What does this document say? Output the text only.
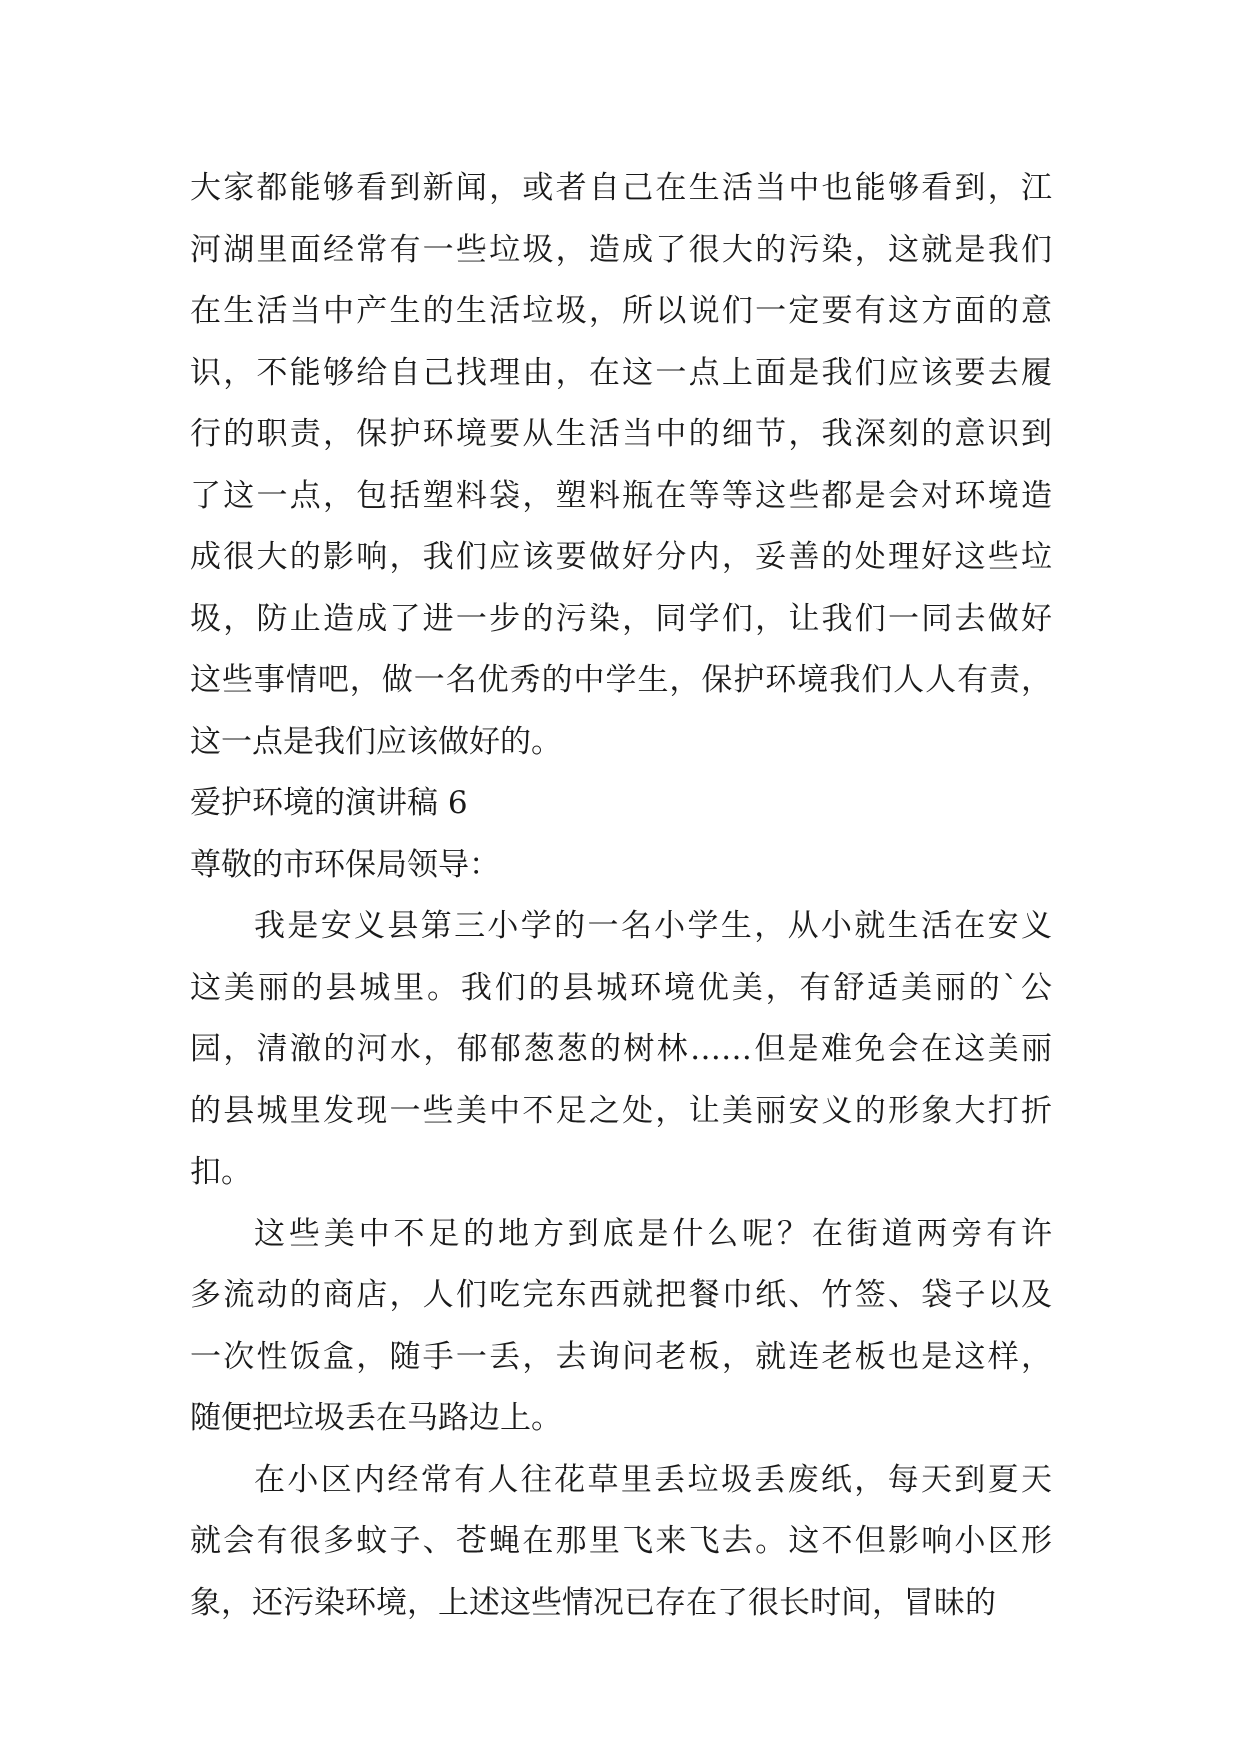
大家都能够看到新闻，或者自己在生活当中也能够看到，江
河湖里面经常有一些垃圾，造成了很大的污染，这就是我们
在生活当中产生的生活垃圾，所以说们一定要有这方面的意
识，不能够给自己找理由，在这一点上面是我们应该要去履
行的职责，保护环境要从生活当中的细节，我深刻的意识到
了这一点，包括塑料袋，塑料瓶在等等这些都是会对环境造
成很大的影响，我们应该要做好分内，妥善的处理好这些垃
圾，防止造成了进一步的污染，同学们，让我们一同去做好
这些事情吧，做一名优秀的中学生，保护环境我们人人有责，
这一点是我们应该做好的。
爱护环境的演讲稿 6
尊敬的市环保局领导：
我是安义县第三小学的一名小学生，从小就生活在安义
这美丽的县城里。我们的县城环境优美，有舒适美丽的`公
园，清澈的河水，郁郁葱葱的树林……但是难免会在这美丽
的县城里发现一些美中不足之处，让美丽安义的形象大打折
扣。
这些美中不足的地方到底是什么呢？在街道两旁有许
多流动的商店，人们吃完东西就把餐巾纸、竹签、袋子以及
一次性饭盒，随手一丢，去询问老板，就连老板也是这样，
随便把垃圾丢在马路边上。
在小区内经常有人往花草里丢垃圾丢废纸，每天到夏天
就会有很多蚊子、苍蝇在那里飞来飞去。这不但影响小区形
象，还污染环境，上述这些情况已存在了很长时间，冒昧的
